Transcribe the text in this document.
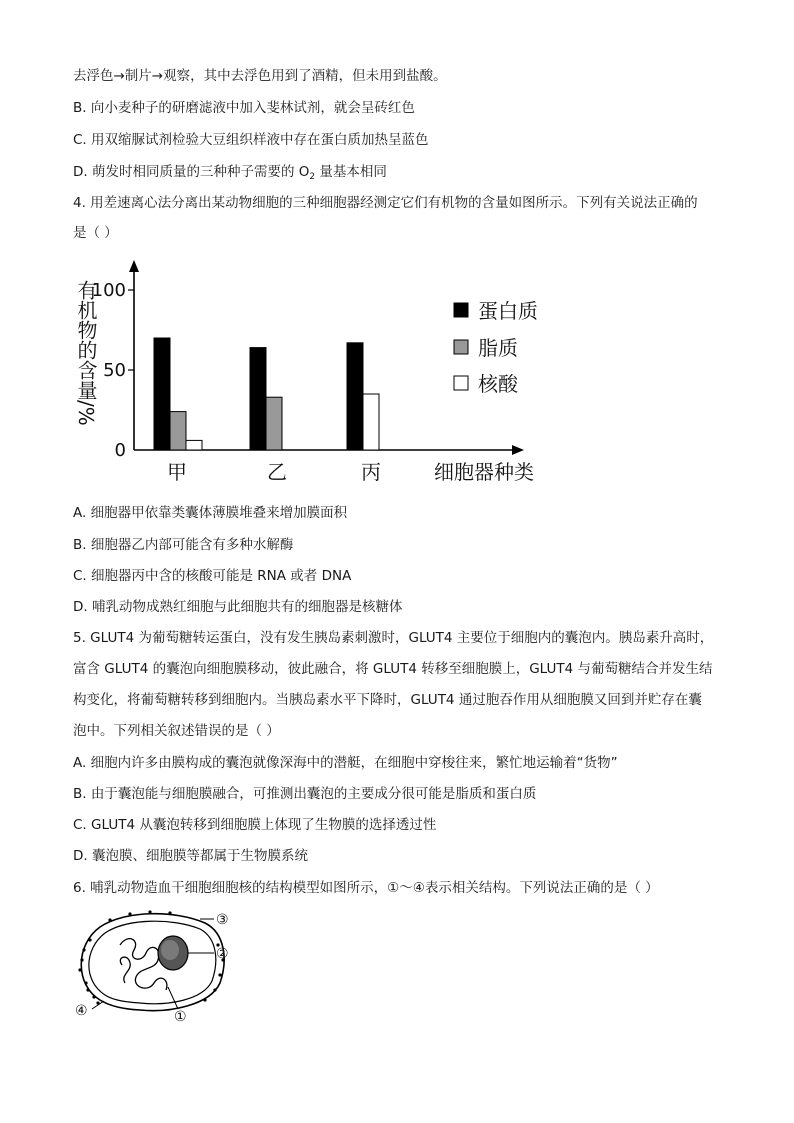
去浮色→制片→观察，其中去浮色用到了酒精，但未用到盐酸。
B. 向小麦种子的研磨滤液中加入斐林试剂，就会呈砖红色
C. 用双缩脲试剂检验大豆组织样液中存在蛋白质加热呈蓝色
D. 萌发时相同质量的三种种子需要的 $O_2$ 量基本相同
4. 用差速离心法分离出某动物细胞的三种细胞器经测定它们有机物的含量如图所示。下列有关说法正确的
是（ ）
0
50
100
有机物的含量/%
甲	乙	丙	细胞器种类
蛋白质
脂质
核酸
A. 细胞器甲依靠类囊体薄膜堆叠来增加膜面积
B. 细胞器乙内部可能含有多种水解酶
C. 细胞器丙中含的核酸可能是 RNA 或者 DNA
D. 哺乳动物成熟红细胞与此细胞共有的细胞器是核糖体
5. GLUT4 为葡萄糖转运蛋白，没有发生胰岛素刺激时，GLUT4 主要位于细胞内的囊泡内。胰岛素升高时，
富含 GLUT4 的囊泡向细胞膜移动，彼此融合，将 GLUT4 转移至细胞膜上，GLUT4 与葡萄糖结合并发生结
构变化，将葡萄糖转移到细胞内。当胰岛素水平下降时，GLUT4 通过胞吞作用从细胞膜又回到并贮存在囊
泡中。下列相关叙述错误的是（ ）
A. 细胞内许多由膜构成的囊泡就像深海中的潜艇，在细胞中穿梭往来，繁忙地运输着“货物”
B. 由于囊泡能与细胞膜融合，可推测出囊泡的主要成分很可能是脂质和蛋白质
C. GLUT4 从囊泡转移到细胞膜上体现了生物膜的选择透过性
D. 囊泡膜、细胞膜等都属于生物膜系统
6. 哺乳动物造血干细胞细胞核的结构模型如图所示，①～④表示相关结构。下列说法正确的是（ ）
③
②
①
④
